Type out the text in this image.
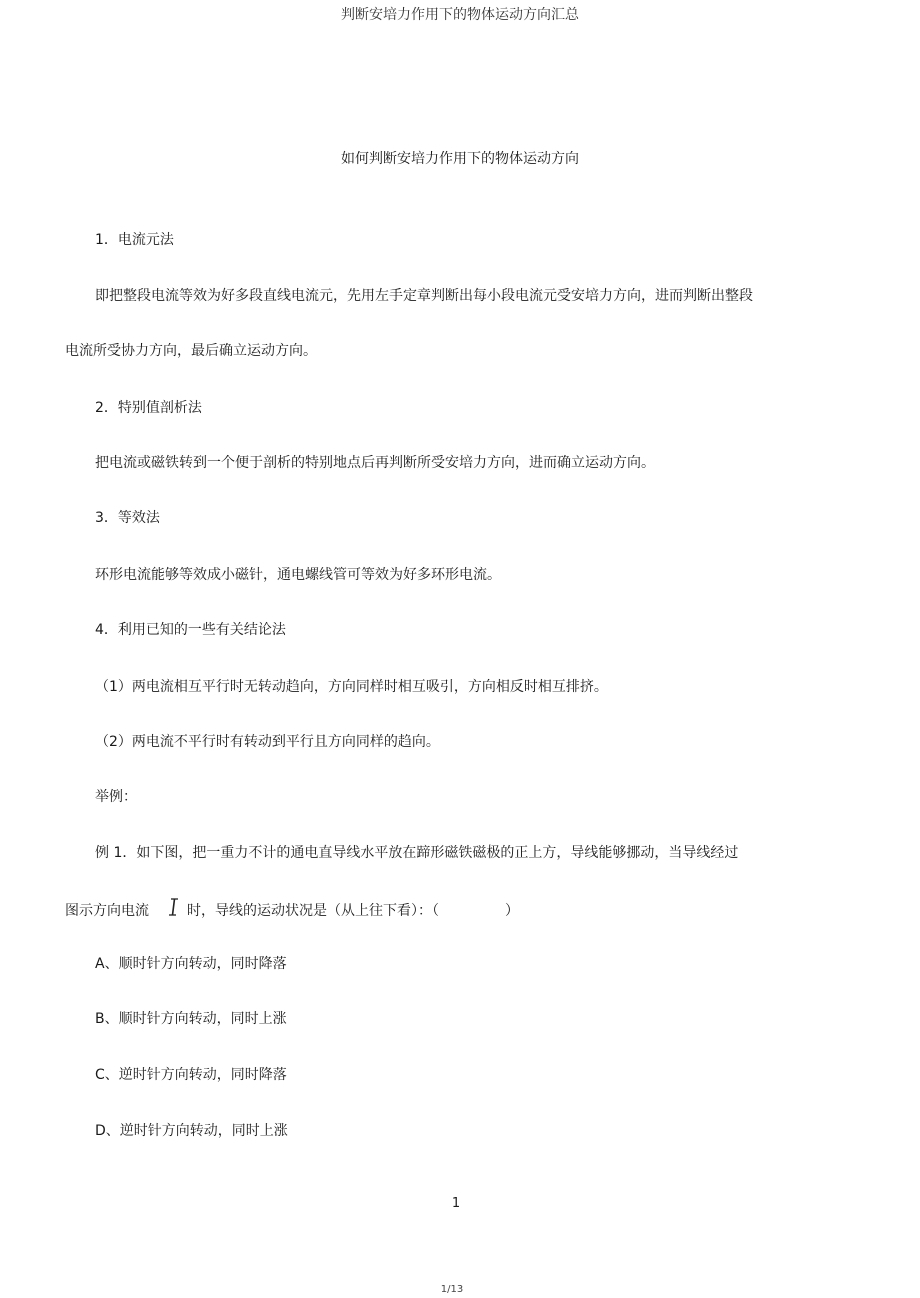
判断安培力作用下的物体运动方向汇总
如何判断安培力作用下的物体运动方向
1．电流元法
即把整段电流等效为好多段直线电流元，先用左手定章判断出每小段电流元受安培力方向，进而判断出整段
电流所受协力方向，最后确立运动方向。
2．特别值剖析法
把电流或磁铁转到一个便于剖析的特别地点后再判断所受安培力方向，进而确立运动方向。
3．等效法
环形电流能够等效成小磁针，通电螺线管可等效为好多环形电流。
4．利用已知的一些有关结论法
（1）两电流相互平行时无转动趋向，方向同样时相互吸引，方向相反时相互排挤。
（2）两电流不平行时有转动到平行且方向同样的趋向。
举例：
例 1．如下图，把一重力不计的通电直导线水平放在蹄形磁铁磁极的正上方，导线能够挪动，当导线经过
图示方向电流	时，导线的运动状况是（从上往下看）：（	）
A、顺时针方向转动，同时降落
B、顺时针方向转动，同时上涨
C、逆时针方向转动，同时降落
D、逆时针方向转动，同时上涨
1
1/13
